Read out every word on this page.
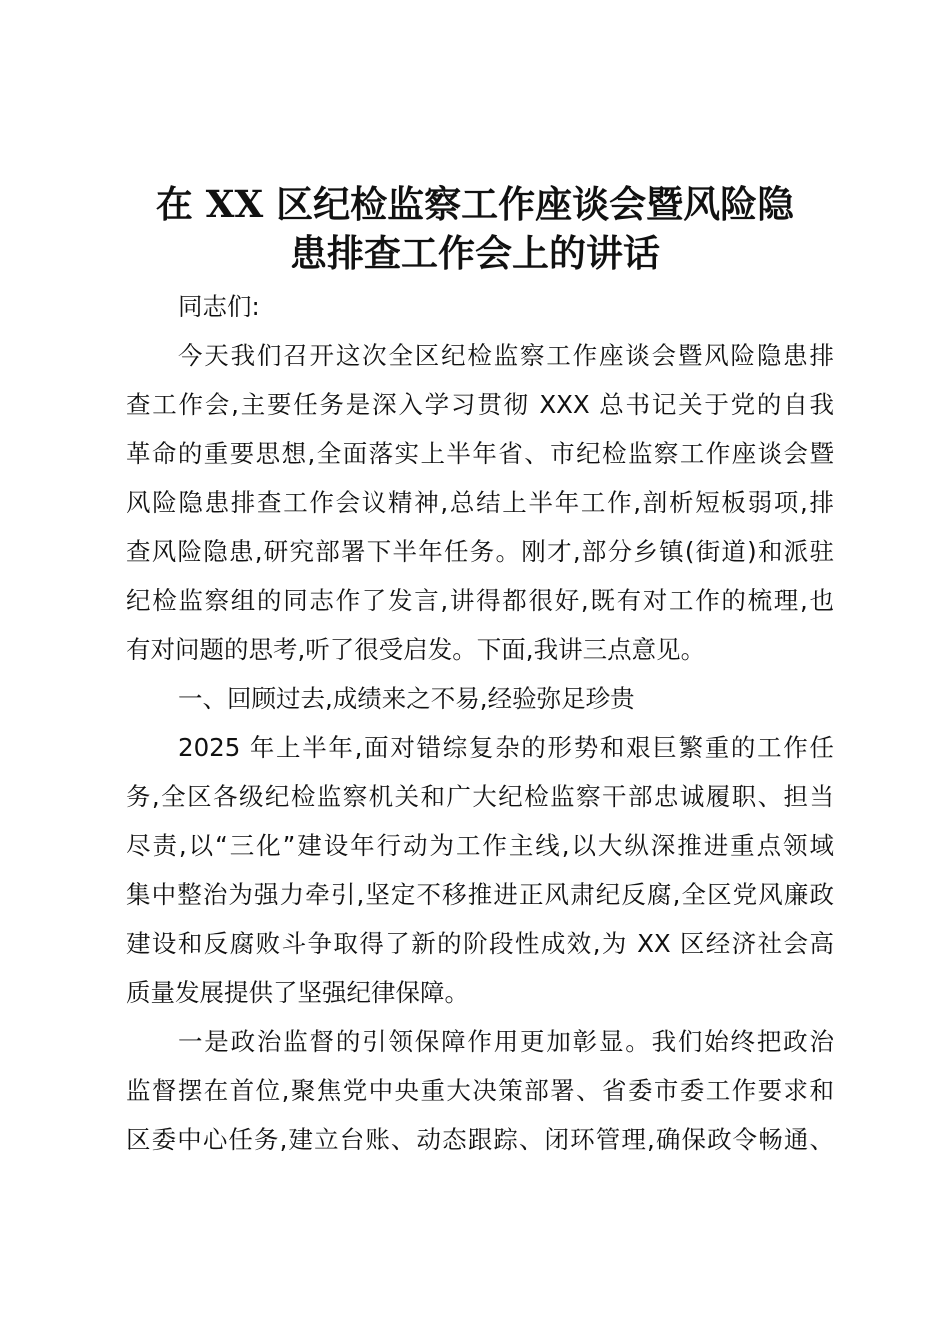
在 XX 区纪检监察工作座谈会暨风险隐
患排查工作会上的讲话
同志们:
今天我们召开这次全区纪检监察工作座谈会暨风险隐患排
查工作会,主要任务是深入学习贯彻 XXX 总书记关于党的自我
革命的重要思想,全面落实上半年省、市纪检监察工作座谈会暨
风险隐患排查工作会议精神,总结上半年工作,剖析短板弱项,排
查风险隐患,研究部署下半年任务。刚才,部分乡镇(街道)和派驻
纪检监察组的同志作了发言,讲得都很好,既有对工作的梳理,也
有对问题的思考,听了很受启发。下面,我讲三点意见。
一、回顾过去,成绩来之不易,经验弥足珍贵
2025 年上半年,面对错综复杂的形势和艰巨繁重的工作任
务,全区各级纪检监察机关和广大纪检监察干部忠诚履职、担当
尽责,以“三化”建设年行动为工作主线,以大纵深推进重点领域
集中整治为强力牵引,坚定不移推进正风肃纪反腐,全区党风廉政
建设和反腐败斗争取得了新的阶段性成效,为 XX 区经济社会高
质量发展提供了坚强纪律保障。
一是政治监督的引领保障作用更加彰显。我们始终把政治
监督摆在首位,聚焦党中央重大决策部署、省委市委工作要求和
区委中心任务,建立台账、动态跟踪、闭环管理,确保政令畅通、
